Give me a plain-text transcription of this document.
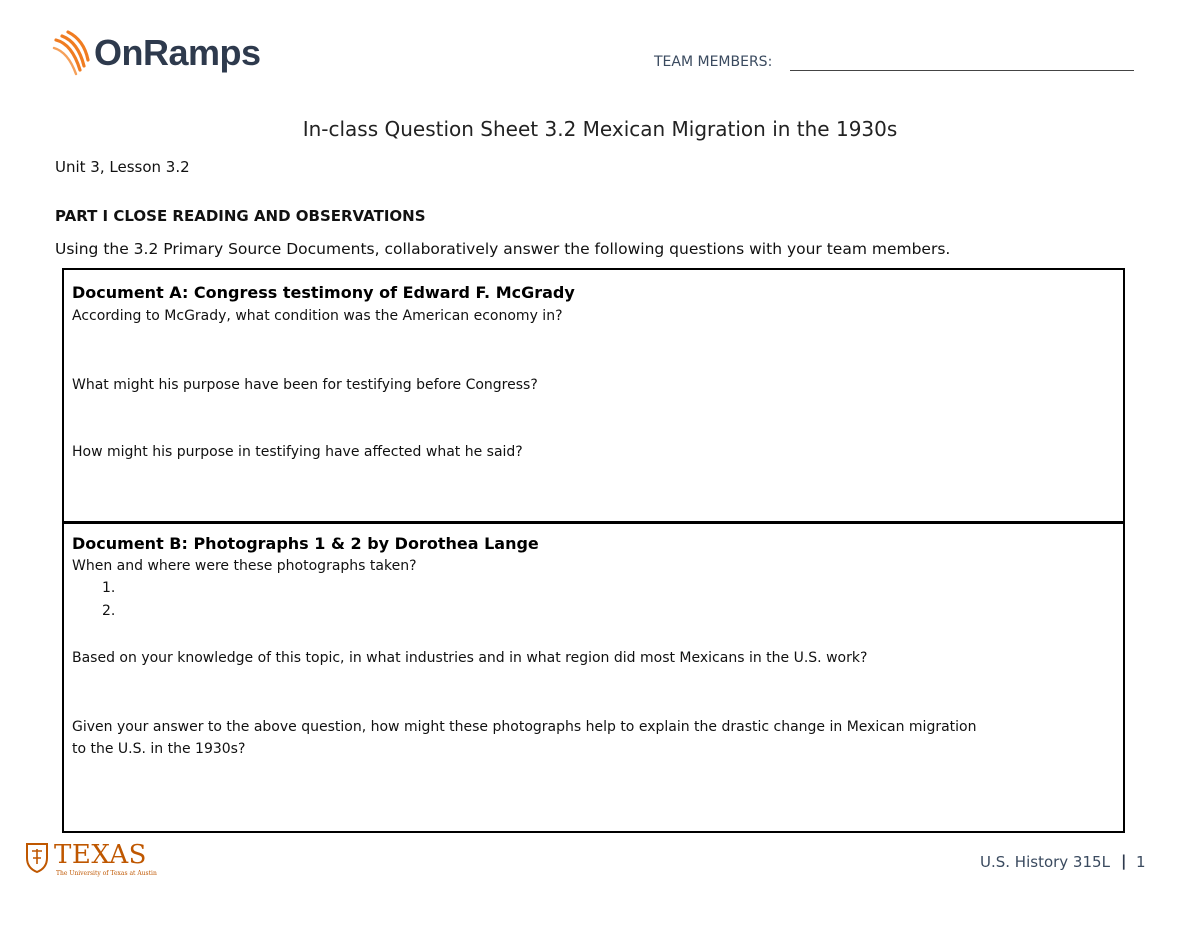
OnRamps	TEAM MEMBERS:
In-class Question Sheet 3.2 Mexican Migration in the 1930s
Unit 3, Lesson 3.2
PART I CLOSE READING AND OBSERVATIONS
Using the 3.2 Primary Source Documents, collaboratively answer the following questions with your team members.
Document A: Congress testimony of Edward F. McGrady
According to McGrady, what condition was the American economy in?
What might his purpose have been for testifying before Congress?
How might his purpose in testifying have affected what he said?
Document B: Photographs 1 & 2 by Dorothea Lange
When and where were these photographs taken?
1.
2.
Based on your knowledge of this topic, in what industries and in what region did most Mexicans in the U.S. work?
Given your answer to the above question, how might these photographs help to explain the drastic change in Mexican migration
to the U.S. in the 1930s?
TEXAS
The University of Texas at Austin
U.S. History 315L | 1
